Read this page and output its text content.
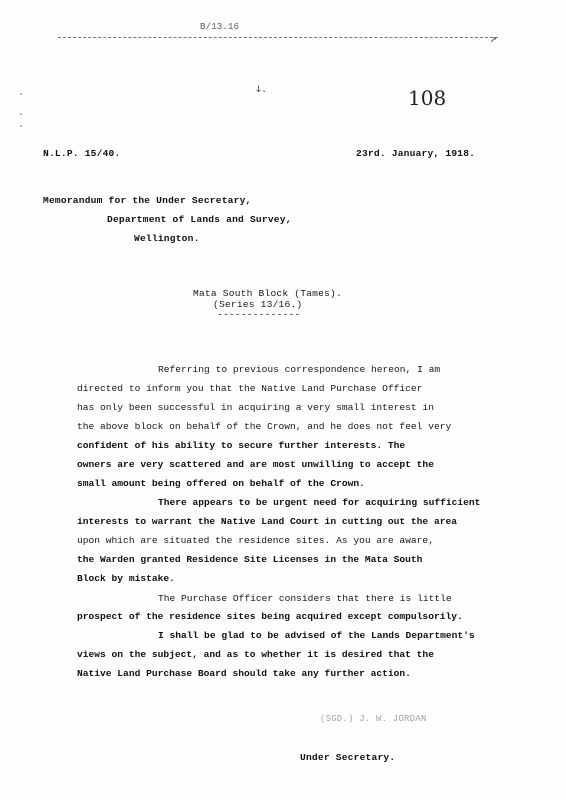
B/13.16
↗
·
·
·
ↆ.	108
N.L.P. 15/40.	23rd. January, 1918.
Memorandum for the Under Secretary,
Department of Lands and Survey,
Wellington.
Mata South Block (Tames).
(Series 13/16.)
--------------
Referring to previous correspondence hereon, I am
directed to inform you that the Native Land Purchase Officer
has only been successful in acquiring a very small interest in
the above block on behalf of the Crown, and he does not feel very
confident of his ability to secure further interests. The
owners are very scattered and are most unwilling to accept the
small amount being offered on behalf of the Crown.
There appears to be urgent need for acquiring sufficient
interests to warrant the Native Land Court in cutting out the area
upon which are situated the residence sites. As you are aware,
the Warden granted Residence Site Licenses in the Mata South
Block by mistake.
The Purchase Officer considers that there is little
prospect of the residence sites being acquired except compulsorily.
I shall be glad to be advised of the Lands Department's
views on the subject, and as to whether it is desired that the
Native Land Purchase Board should take any further action.
(SGD.) J. W. JORDAN
Under Secretary.
